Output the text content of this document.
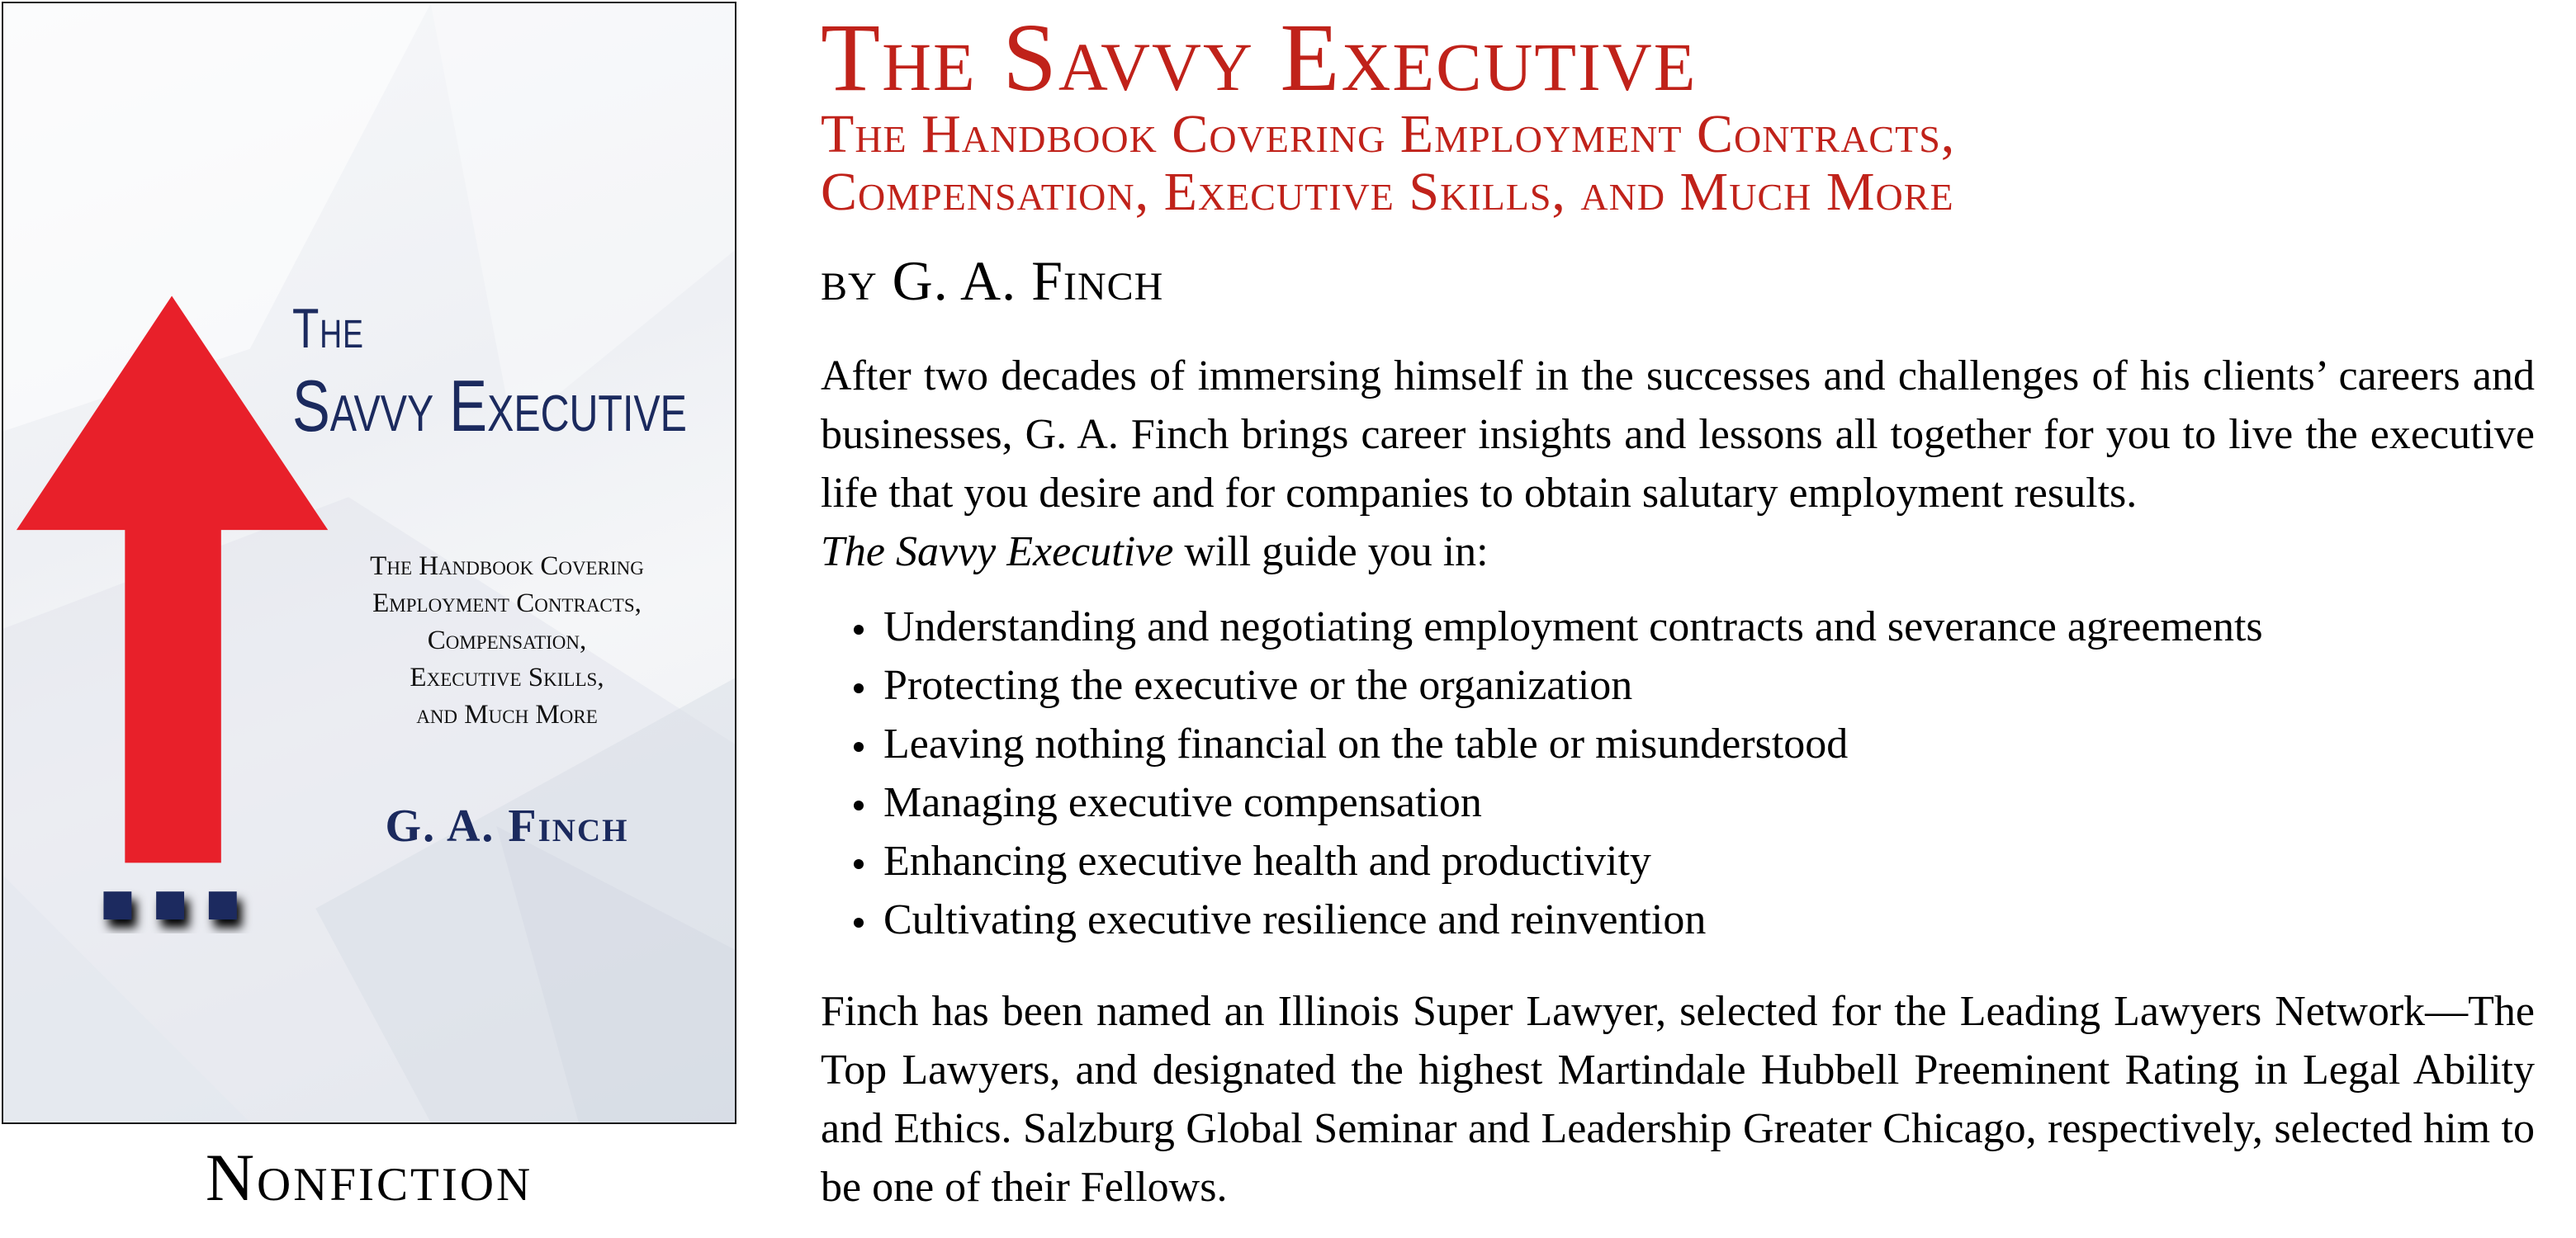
The
Savvy Executive
The Handbook Covering
Employment Contracts,
Compensation,
Executive Skills,
and Much More
G. A. Finch
Nonfiction
The Savvy Executive
The Handbook Covering Employment Contracts,
Compensation, Executive Skills, and Much More
by G. A. Finch

After two decades of immersing himself in the successes and challenges of his clients’ careers and businesses, G. A. Finch brings career insights and lessons all together for you to live the executive life that you desire and for companies to obtain salutary employment results.
The Savvy Executive will guide you in:

Understanding and negotiating employment contracts and severance agreements
Protecting the executive or the organization
Leaving nothing financial on the table or misunderstood
Managing executive compensation
Enhancing executive health and productivity
Cultivating executive resilience and reinvention

Finch has been named an Illinois Super Lawyer, selected for the Leading Lawyers Network—The Top Lawyers, and designated the highest Martindale Hubbell Preeminent Rating in Legal Ability and Ethics. Salzburg Global Seminar and Leadership Greater Chicago, respectively, selected him to be one of their Fellows.
